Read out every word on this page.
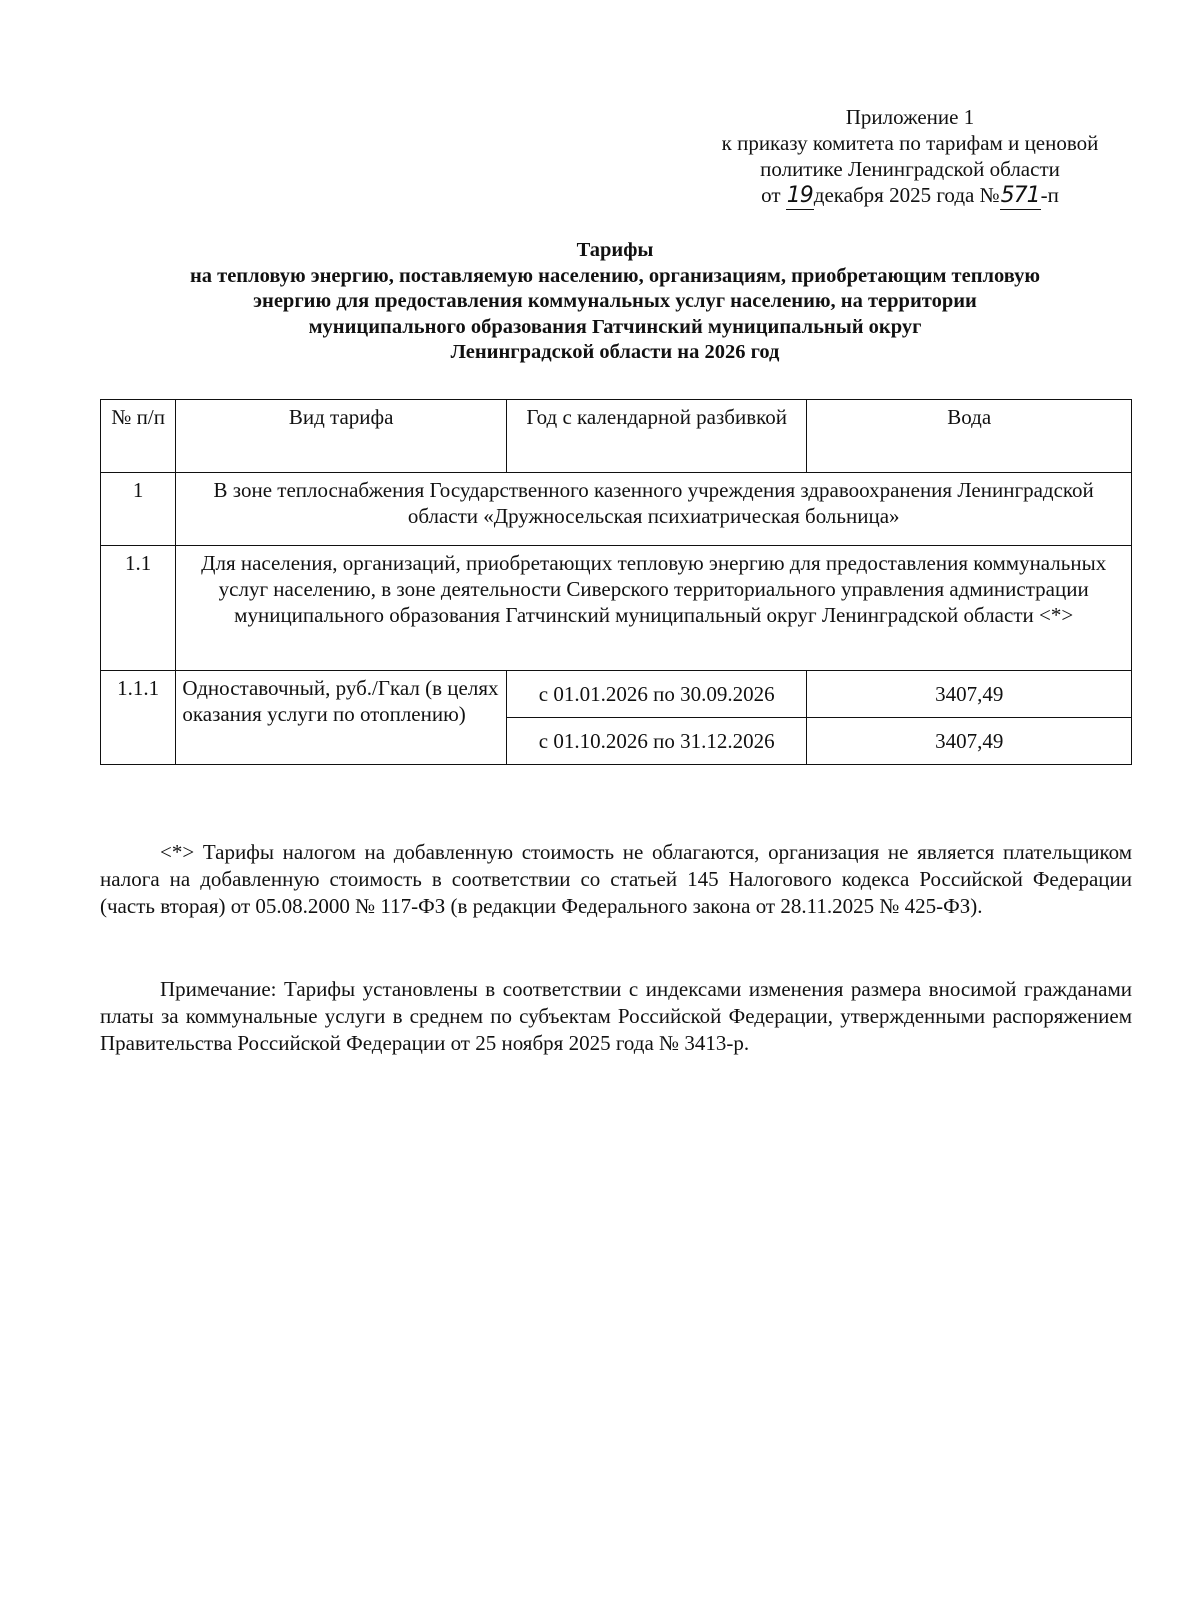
Приложение 1
к приказу комитета по тарифам и ценовой
политике Ленинградской области
от 19декабря 2025 года №571-п
Тарифы
на тепловую энергию, поставляемую населению, организациям, приобретающим тепловую
энергию для предоставления коммунальных услуг населению, на территории
муниципального образования Гатчинский муниципальный округ
Ленинградской области на 2026 год
№ п/п	Вид тарифа	Год с календарной разбивкой	Вода
1	В зоне теплоснабжения Государственного казенного учреждения здравоохранения Ленинградской области «Дружносельская психиатрическая больница»		
1.1	Для населения, организаций, приобретающих тепловую энергию для предоставления коммунальных услуг населению, в зоне деятельности Сиверского территориального управления администрации муниципального образования Гатчинский муниципальный округ Ленинградской области <*>		
1.1.1	Одноставочный, руб./Гкал (в целях оказания услуги по отоплению)	с 01.01.2026 по 30.09.2026	3407,49
		с 01.10.2026 по 31.12.2026	3407,49

<*> Тарифы налогом на добавленную стоимость не облагаются, организация не является плательщиком налога на добавленную стоимость в соответствии со статьей 145 Налогового кодекса Российской Федерации (часть вторая) от 05.08.2000 № 117-ФЗ (в редакции Федерального закона от 28.11.2025 № 425-ФЗ).

Примечание: Тарифы установлены в соответствии с индексами изменения размера вносимой гражданами платы за коммунальные услуги в среднем по субъектам Российской Федерации, утвержденными распоряжением Правительства Российской Федерации от 25 ноября 2025 года № 3413-р.
